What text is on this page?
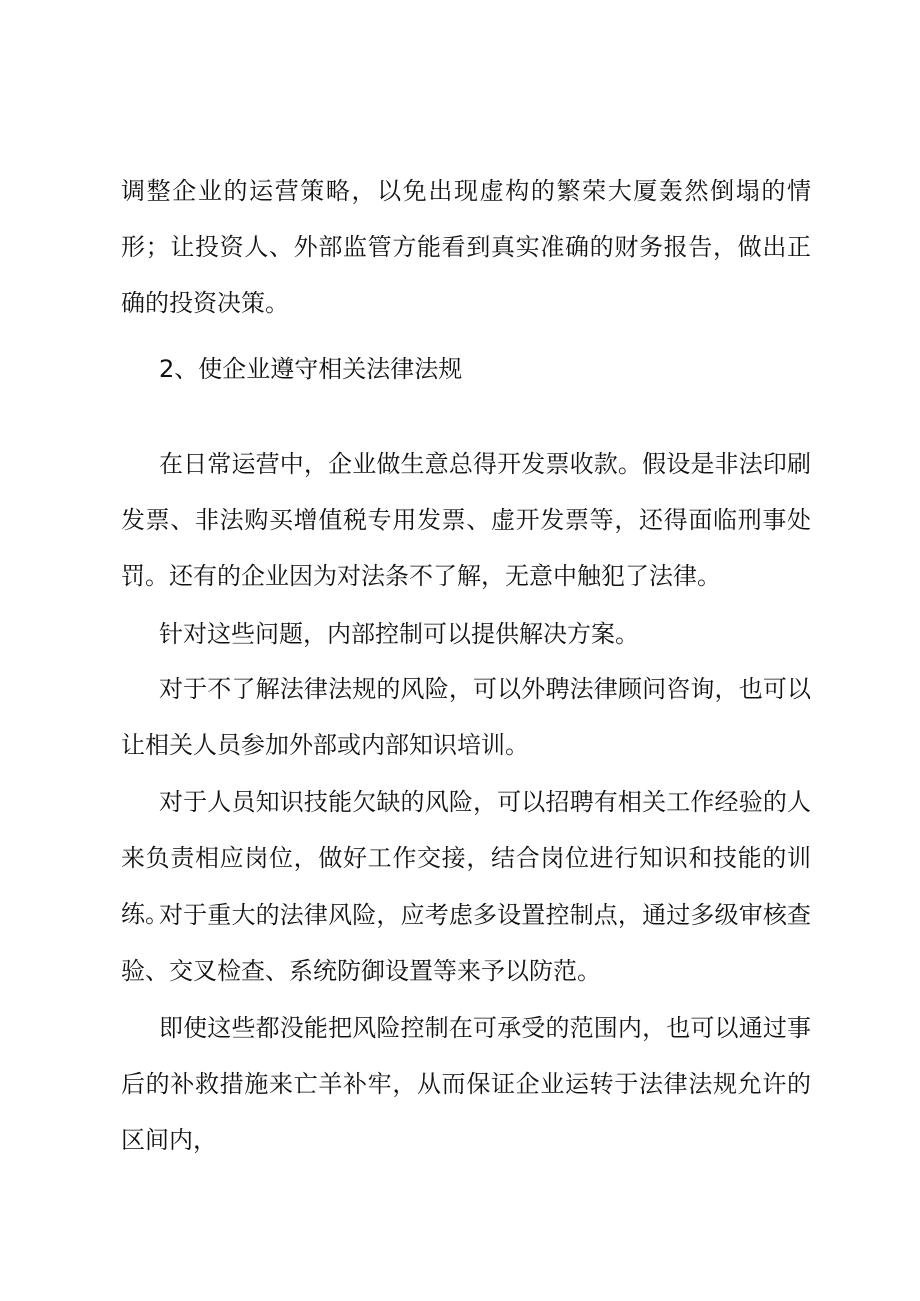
调整企业的运营策略，以免出现虚构的繁荣大厦轰然倒塌的情形；让投资人、外部监管方能看到真实准确的财务报告，做出正确的投资决策。

2、使企业遵守相关法律法规

在日常运营中，企业做生意总得开发票收款。假设是非法印刷发票、非法购买增值税专用发票、虚开发票等，还得面临刑事处罚。还有的企业因为对法条不了解，无意中触犯了法律。

针对这些问题，内部控制可以提供解决方案。

对于不了解法律法规的风险，可以外聘法律顾问咨询，也可以让相关人员参加外部或内部知识培训。

对于人员知识技能欠缺的风险，可以招聘有相关工作经验的人来负责相应岗位，做好工作交接，结合岗位进行知识和技能的训练。

对于重大的法律风险，应考虑多设置控制点，通过多级审核查验、交叉检查、系统防御设置等来予以防范。

即使这些都没能把风险控制在可承受的范围内，也可以通过事后的补救措施来亡羊补牢，从而保证企业运转于法律法规允许的区间内，
